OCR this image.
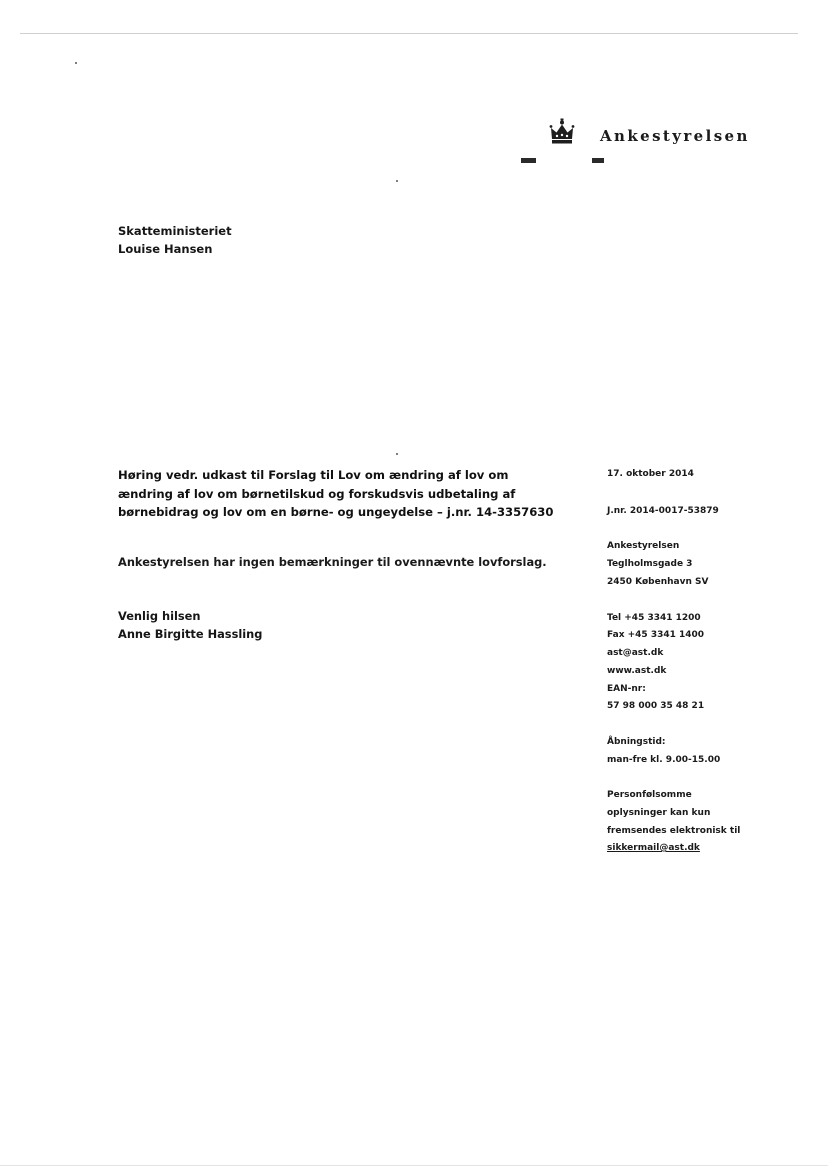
Ankestyrelsen
Skatteministeriet
Louise Hansen
Høring vedr. udkast til Forslag til Lov om ændring af lov om
ændring af lov om børnetilskud og forskudsvis udbetaling af
børnebidrag og lov om en børne- og ungeydelse – j.nr. 14-3357630
Ankestyrelsen har ingen bemærkninger til ovennævnte lovforslag.
Venlig hilsen
Anne Birgitte Hassling
17. oktober 2014
J.nr. 2014-0017-53879
Ankestyrelsen
Teglholmsgade 3
2450 København SV
Tel +45 3341 1200
Fax +45 3341 1400
ast@ast.dk
www.ast.dk
EAN-nr:
57 98 000 35 48 21
Åbningstid:
man-fre kl. 9.00-15.00
Personfølsomme
oplysninger kan kun
fremsendes elektronisk til
sikkermail@ast.dk
